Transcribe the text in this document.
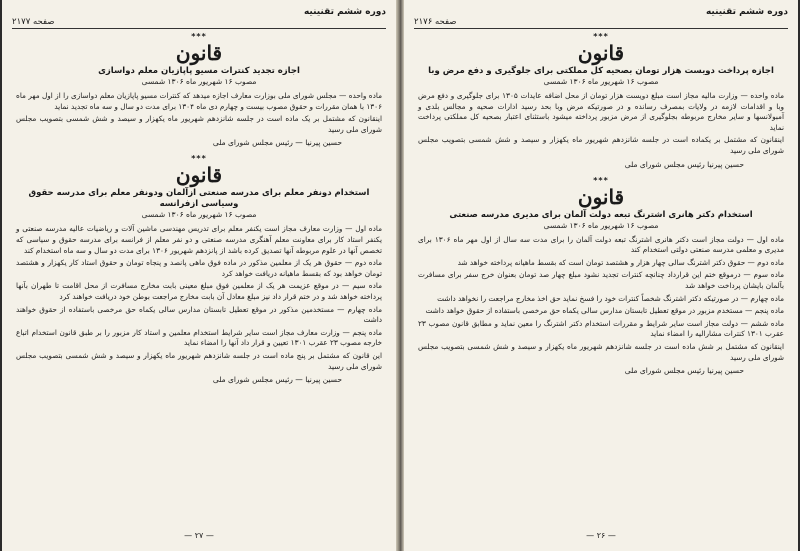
دوره ششم تقنینیه
صفحه ۲۱۷۷
***
قانون
اجازه تجدید کنترات مسیو پاپازیان معلم دواسازی
مصوب ۱۶ شهریور ماه ۱۳۰۶ شمسی

ماده واحده — مجلس شورای ملی بوزارت معارف اجازه میدهد که کنترات مسیو پاپازیان معلم دواسازی را از اول مهر ماه ۱۳۰۶ با همان مقررات و حقوق مصوب بیست و چهارم دی ماه ۱۳۰۴ برای مدت دو سال و سه ماه تجدید نماید

اینقانون که مشتمل بر یک ماده است در جلسه شانزدهم شهریور ماه یکهزار و سیصد و شش شمسی بتصویب مجلس شورای ملی رسید

حسین پیرنیا — رئیس مجلس شورای ملی
***
قانون
استخدام دونفر معلم برای مدرسه صنعتی ازآلمان ودونفر معلم برای مدرسه حقوق وسیاسی ازفرانسه
مصوب ۱۶ شهریور ماه ۱۳۰۶ شمسی

ماده اول — وزارت معارف مجاز است یکنفر معلم برای تدریس مهندسی ماشین آلات و ریاضیات عالیه مدرسه صنعتی و یکنفر استاد کار برای معاونت معلم آهنگری مدرسه صنعتی و دو نفر معلم از فرانسه برای مدرسه حقوق و سیاسی که تخصص آنها در علوم مربوطه آنها تصدیق کرده باشد از پانزدهم شهریور ۱۳۰۶ برای مدت دو سال و سه ماه استخدام کند

ماده دوم — حقوق هر یک از معلمین مذکور در ماده فوق ماهی پانصد و پنجاه تومان و حقوق استاد کار یکهزار و هشتصد تومان خواهد بود که بقسط ماهیانه دریافت خواهد کرد

ماده سیم — در موقع عزیمت هر یک از معلمین فوق مبلغ معینی بابت مخارج مسافرت از محل اقامت تا طهران بآنها پرداخته خواهد شد و در ختم قرار داد نیز مبلغ معادل آن بابت مخارج مراجعت بوطن خود دریافت خواهند کرد

ماده چهارم — مستخدمین مذکور در موقع تعطیل تابستان مدارس سالی یکماه حق مرخصی باستفاده از حقوق خواهند داشت

ماده پنجم — وزارت معارف مجاز است سایر شرایط استخدام معلمین و استاد کار مزبور را بر طبق قانون استخدام اتباع خارجه مصوب ۲۳ عقرب ۱۳۰۱ تعیین و قرار داد آنها را امضاء نماید

این قانون که مشتمل بر پنج ماده است در جلسه شانزدهم شهریور ماه یکهزار و سیصد و شش شمسی بتصویب مجلس شورای ملی رسید

حسین پیرنیا — رئیس مجلس شورای ملی
— ۲۷ —
دوره ششم تقنینیه
صفحه ۲۱۷۶
***
قانون
اجازه پرداخت دویست هزار تومان بصحیه کل مملکتی برای جلوگیری و دفع مرض وبا
مصوب ۱۶ شهریور ماه ۱۳۰۶ شمسی

ماده واحده — وزارت مالیه مجاز است مبلغ دویست هزار تومان از محل اضافه عایدات ۱۳۰۵ برای جلوگیری و دفع مرض وبا و اقدامات لازمه در ولایات بمصرف رسانده و در صورتیکه مرض وبا بحد رسید ادارات صحیه و مجالس بلدی و آمبولانسها و سایر مخارج مربوطه بجلوگیری از مرض مزبور پرداخته میشود باستثنای اعتبار بصحیه کل مملکتی پرداخت نماید

اینقانون که مشتمل بر یکماده است در جلسه شانزدهم شهریور ماه یکهزار و سیصد و شش شمسی بتصویب مجلس شورای ملی رسید

حسین پیرنیا رئیس مجلس شورای ملی
***
قانون
استخدام دکتر هانری اشترنگ تبعه دولت آلمان برای مدیری مدرسه صنعتی
مصوب ۱۶ شهریور ماه ۱۳۰۶ شمسی

ماده اول — دولت مجاز است دکتر هانری اشترنگ تبعه دولت آلمان را برای مدت سه سال از اول مهر ماه ۱۳۰۶ برای مدیری و معلمی مدرسه صنعتی دولتی استخدام کند

ماده دوم — حقوق دکتر اشترنگ سالی چهار هزار و هشتصد تومان است که بقسط ماهیانه پرداخته خواهد شد

ماده سوم — درموقع ختم این قرارداد چنانچه کنترات تجدید نشود مبلغ چهار صد تومان بعنوان خرج سفر برای مسافرت بآلمان بایشان پرداخت خواهد شد

ماده چهارم — در صورتیکه دکتر اشترنگ شخصاً کنترات خود را فسخ نماید حق اخذ مخارج مراجعت را نخواهد داشت

ماده پنجم — مستخدم مزبور در موقع تعطیل تابستان مدارس سالی یکماه حق مرخصی باستفاده از حقوق خواهد داشت

ماده ششم — دولت مجاز است سایر شرایط و مقررات استخدام دکتر اشترنگ را معین نماید و مطابق قانون مصوب ۲۳ عقرب ۱۳۰۱ کنترات مشارالیه را امضاء نماید

اینقانون که مشتمل بر شش ماده است در جلسه شانزدهم شهریور ماه یکهزار و سیصد و شش شمسی بتصویب مجلس شورای ملی رسید

حسین پیرنیا رئیس مجلس شورای ملی
— ۲۶ —
